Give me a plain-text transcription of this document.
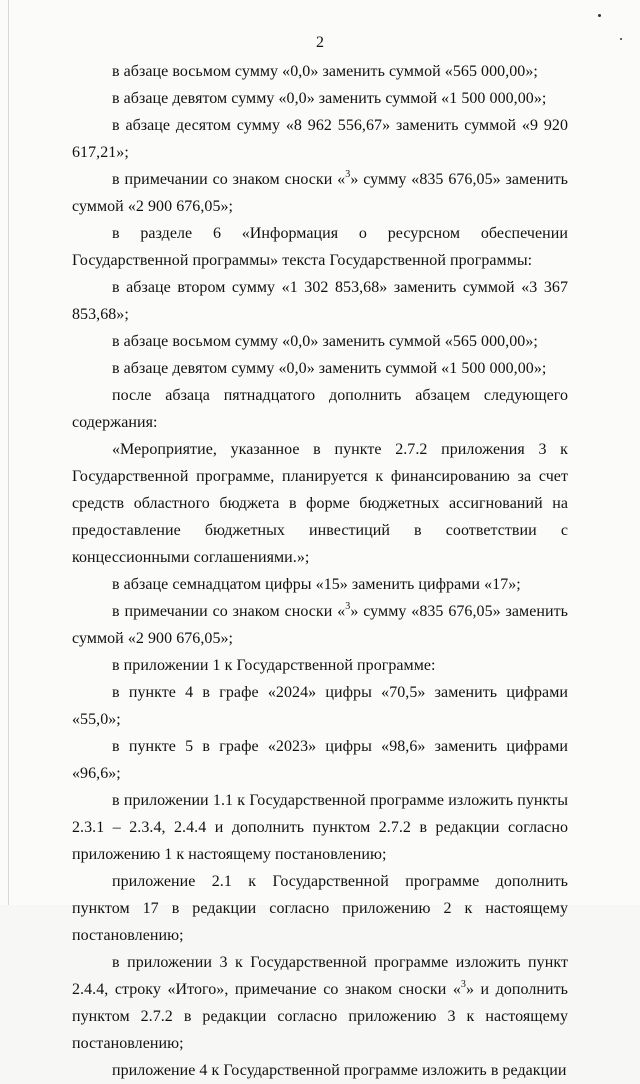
2

в абзаце восьмом сумму «0,0» заменить суммой «565 000,00»;

в абзаце девятом сумму «0,0» заменить суммой «1 500 000,00»;

в абзаце десятом сумму «8 962 556,67» заменить суммой «9 920 617,21»;

в примечании со знаком сноски «$^3$» сумму «835 676,05» заменить суммой «2 900 676,05»;

в разделе 6 «Информация о ресурсном обеспечении Государственной программы» текста Государственной программы:

в абзаце втором сумму «1 302 853,68» заменить суммой «3 367 853,68»;

в абзаце восьмом сумму «0,0» заменить суммой «565 000,00»;

в абзаце девятом сумму «0,0» заменить суммой «1 500 000,00»;

после абзаца пятнадцатого дополнить абзацем следующего содержания:

«Мероприятие, указанное в пункте 2.7.2 приложения 3 к Государственной программе, планируется к финансированию за счет средств областного бюджета в форме бюджетных ассигнований на предоставление бюджетных инвестиций в соответствии с концессионными соглашениями.»;

в абзаце семнадцатом цифры «15» заменить цифрами «17»;

в примечании со знаком сноски «$^3$» сумму «835 676,05» заменить суммой «2 900 676,05»;

в приложении 1 к Государственной программе:

в пункте 4 в графе «2024» цифры «70,5» заменить цифрами «55,0»;

в пункте 5 в графе «2023» цифры «98,6» заменить цифрами «96,6»;

в приложении 1.1 к Государственной программе изложить пункты 2.3.1 – 2.3.4, 2.4.4 и дополнить пунктом 2.7.2 в редакции согласно приложению 1 к настоящему постановлению;

приложение 2.1 к Государственной программе дополнить пунктом 17 в редакции согласно приложению 2 к настоящему постановлению;

в приложении 3 к Государственной программе изложить пункт 2.4.4, строку «Итого», примечание со знаком сноски «$^3$» и дополнить пунктом 2.7.2 в редакции согласно приложению 3 к настоящему постановлению;

приложение 4 к Государственной программе изложить в редакции
